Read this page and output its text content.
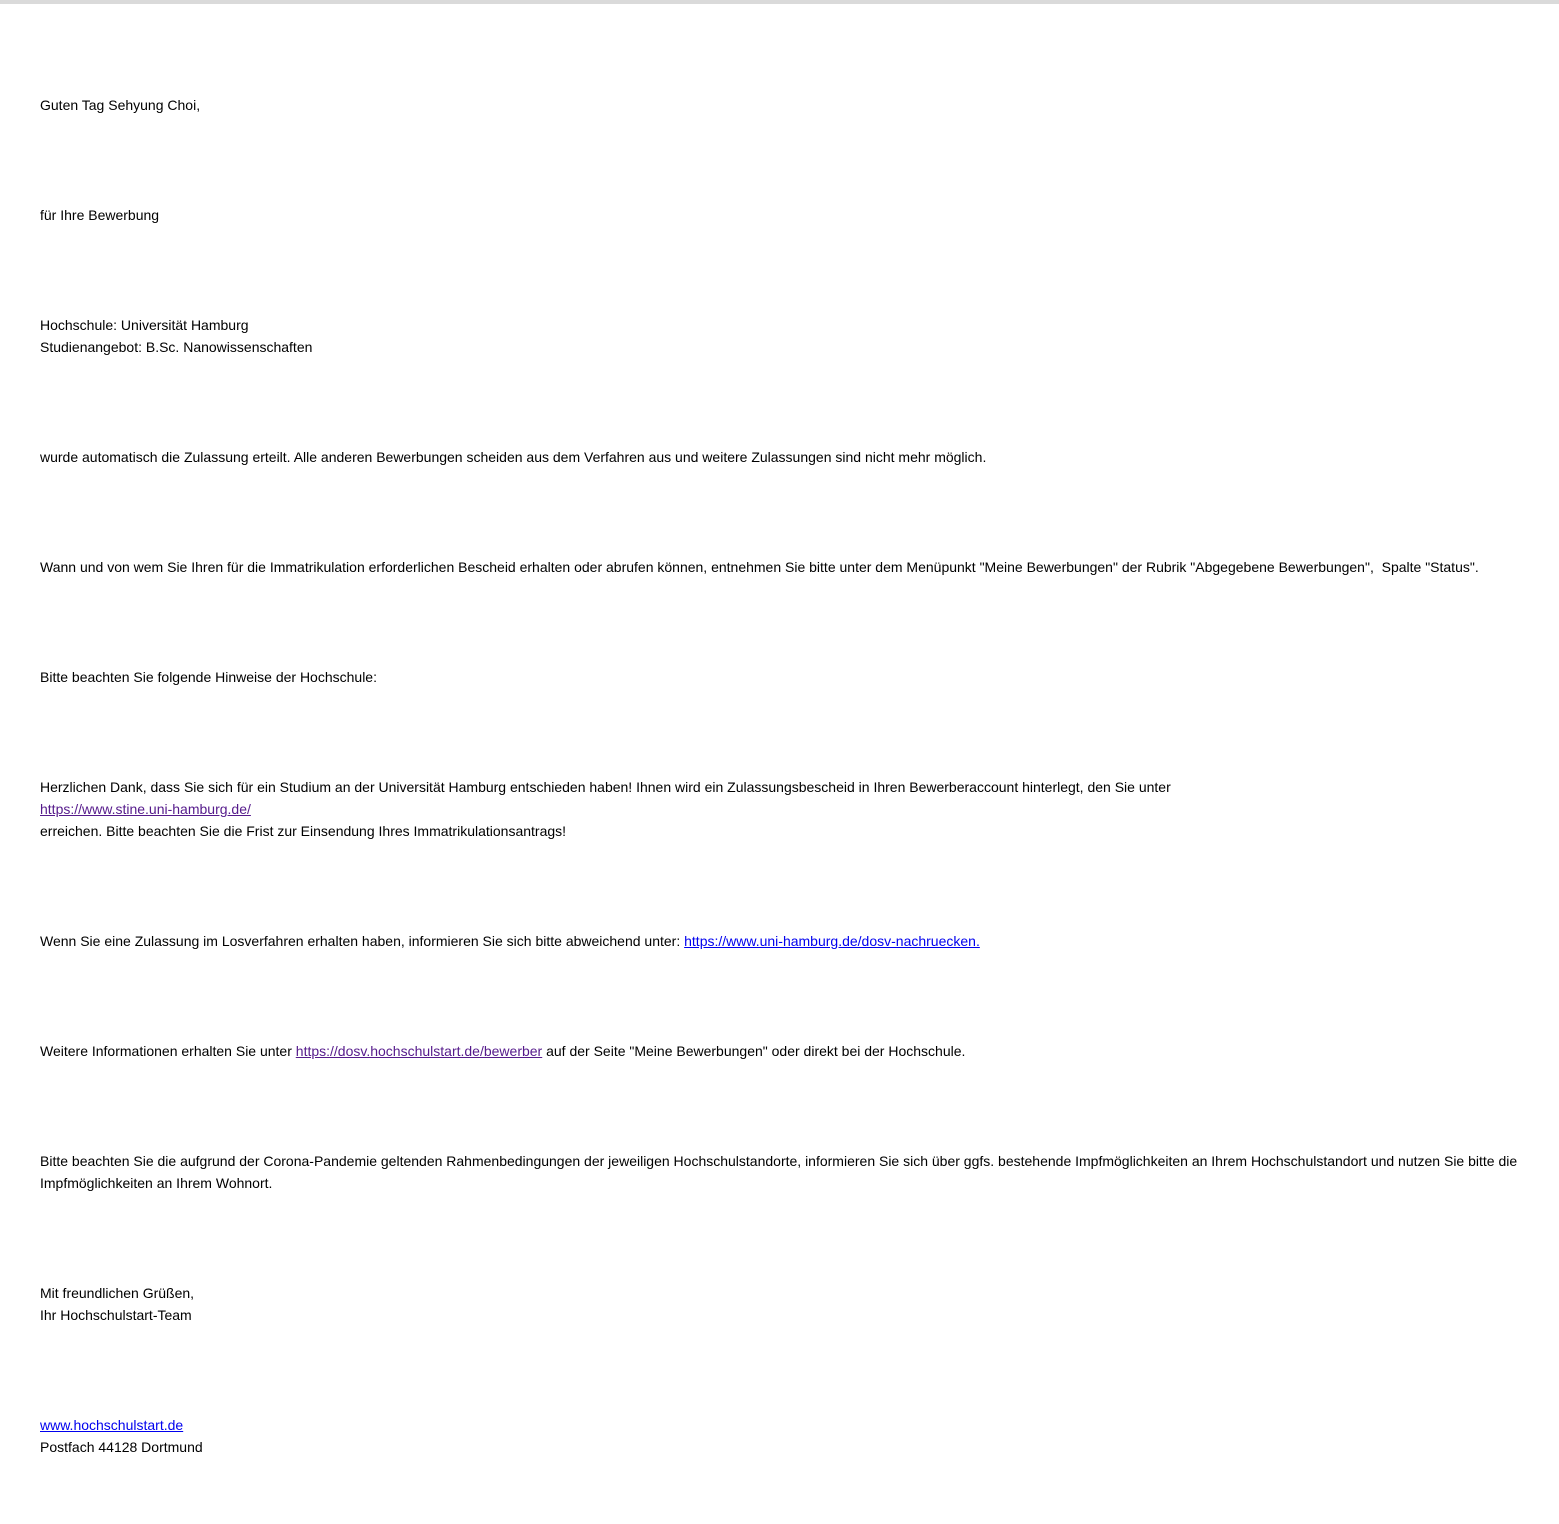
Guten Tag Sehyung Choi,

für Ihre Bewerbung

Hochschule: Universität Hamburg
Studienangebot: B.Sc. Nanowissenschaften

wurde automatisch die Zulassung erteilt. Alle anderen Bewerbungen scheiden aus dem Verfahren aus und weitere Zulassungen sind nicht mehr möglich.

Wann und von wem Sie Ihren für die Immatrikulation erforderlichen Bescheid erhalten oder abrufen können, entnehmen Sie bitte unter dem Menüpunkt "Meine Bewerbungen" der Rubrik "Abgegebene Bewerbungen",  Spalte "Status".

Bitte beachten Sie folgende Hinweise der Hochschule:

Herzlichen Dank, dass Sie sich für ein Studium an der Universität Hamburg entschieden haben! Ihnen wird ein Zulassungsbescheid in Ihren Bewerberaccount hinterlegt, den Sie unter
https://www.stine.uni-hamburg.de/
erreichen. Bitte beachten Sie die Frist zur Einsendung Ihres Immatrikulationsantrags!

Wenn Sie eine Zulassung im Losverfahren erhalten haben, informieren Sie sich bitte abweichend unter: https://www.uni-hamburg.de/dosv-nachruecken.

Weitere Informationen erhalten Sie unter https://dosv.hochschulstart.de/bewerber auf der Seite "Meine Bewerbungen" oder direkt bei der Hochschule.

Bitte beachten Sie die aufgrund der Corona-Pandemie geltenden Rahmenbedingungen der jeweiligen Hochschulstandorte, informieren Sie sich über ggfs. bestehende Impfmöglichkeiten an Ihrem Hochschulstandort und nutzen Sie bitte die Impfmöglichkeiten an Ihrem Wohnort.

Mit freundlichen Grüßen,
Ihr Hochschulstart-Team

www.hochschulstart.de
Postfach 44128 Dortmund
